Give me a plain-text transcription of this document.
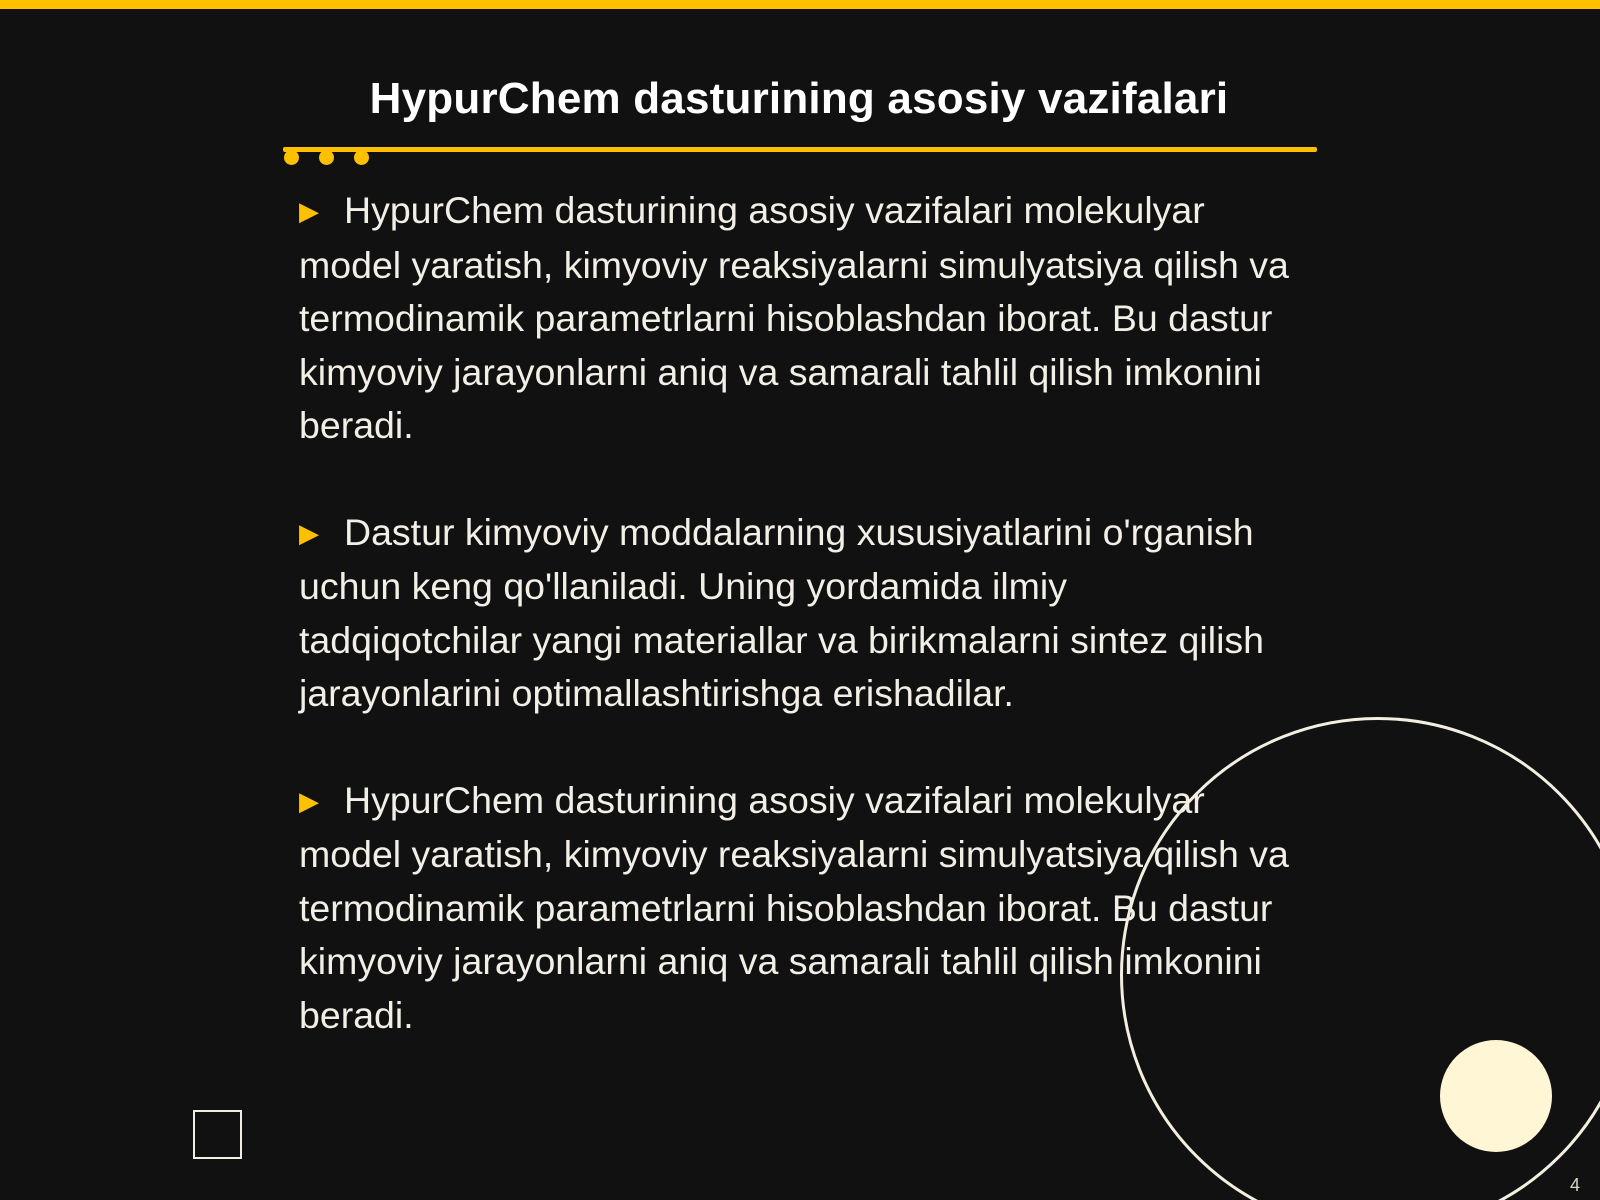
HypurChem dasturining asosiy vazifalari

▶ HypurChem dasturining asosiy vazifalari molekulyar model yaratish, kimyoviy reaksiyalarni simulyatsiya qilish va termodinamik parametrlarni hisoblashdan iborat. Bu dastur kimyoviy jarayonlarni aniq va samarali tahlil qilish imkonini beradi.

▶ Dastur kimyoviy moddalarning xususiyatlarini o'rganish uchun keng qo'llaniladi. Uning yordamida ilmiy tadqiqotchilar yangi materiallar va birikmalarni sintez qilish jarayonlarini optimallashtirishga erishadilar.

▶ HypurChem dasturining asosiy vazifalari molekulyar model yaratish, kimyoviy reaksiyalarni simulyatsiya qilish va termodinamik parametrlarni hisoblashdan iborat. Bu dastur kimyoviy jarayonlarni aniq va samarali tahlil qilish imkonini beradi.

4
